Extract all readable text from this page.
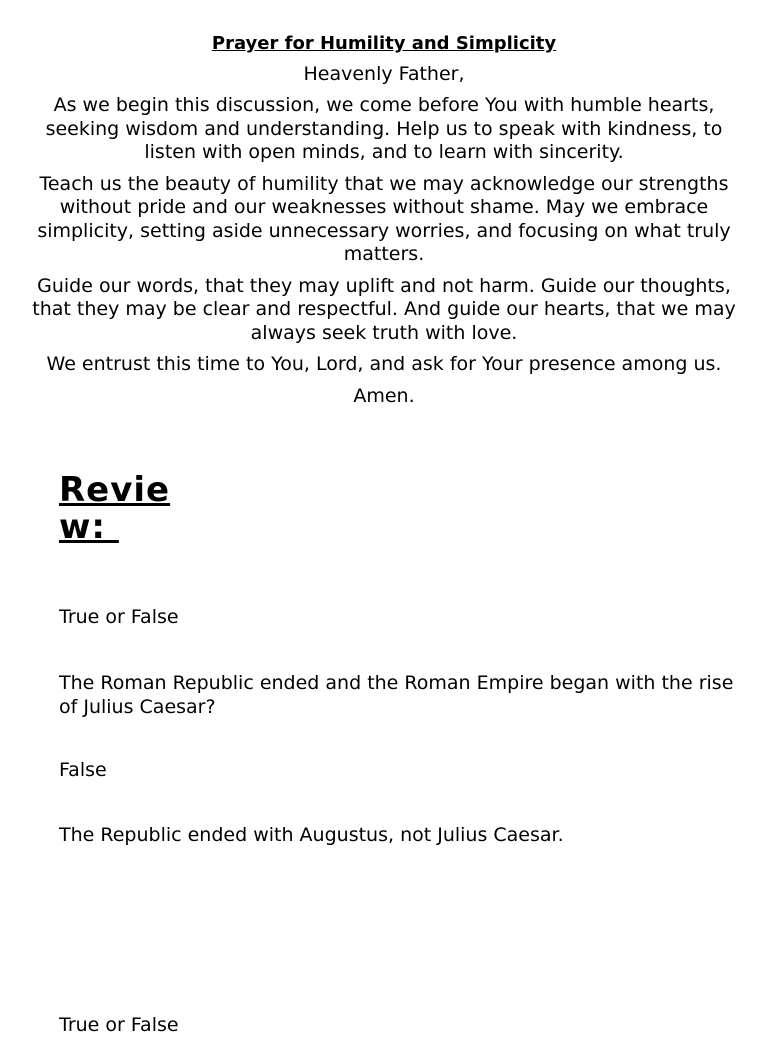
Prayer for Humility and Simplicity

Heavenly Father,

As we begin this discussion, we come before You with humble hearts, seeking wisdom and understanding. Help us to speak with kindness, to listen with open minds, and to learn with sincerity.

Teach us the beauty of humility that we may acknowledge our strengths without pride and our weaknesses without shame. May we embrace simplicity, setting aside unnecessary worries, and focusing on what truly matters.

Guide our words, that they may uplift and not harm. Guide our thoughts, that they may be clear and respectful. And guide our hearts, that we may always seek truth with love.

We entrust this time to You, Lord, and ask for Your presence among us.

Amen.

Review:

True or False

The Roman Republic ended and the Roman Empire began with the rise of Julius Caesar?

False

The Republic ended with Augustus, not Julius Caesar.

True or False
